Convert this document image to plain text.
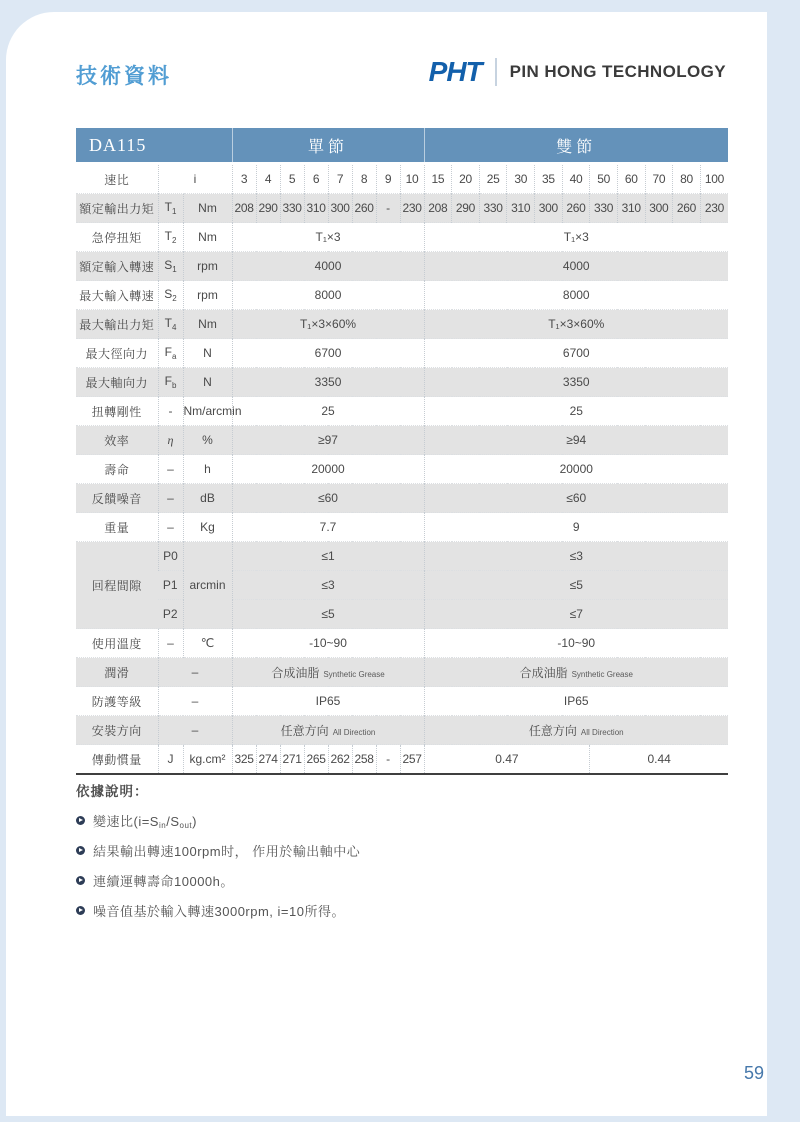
技術資料	PHT PIN HONG TECHNOLOGY
DA115			單節								雙節										
速比	i		3	4	5	6	7	8	9	10	15	20	25	30	35	40	50	60	70	80	100
額定輸出力矩	$T_1$	Nm	208	290	330	310	300	260	-	230	208	290	330	310	300	260	330	310	300	260	230
急停扭矩	$T_2$	Nm	T₁×3								T₁×3										
額定輸入轉速	$S_1$	rpm	4000								4000										
最大輸入轉速	$S_2$	rpm	8000								8000										
最大輸出力矩	$T_4$	Nm	T₁×3×60%								T₁×3×60%										
最大徑向力	$F_a$	N	6700								6700										
最大軸向力	$F_b$	N	3350								3350										
扭轉剛性	-	Nm/arcmin	25								25										
效率	η	%	≥97								≥94										
壽命	–	h	20000								20000										
反饋噪音	–	dB	≤60								≤60										
重量	–	Kg	7.7								9										
回程間隙	P0	arcmin	≤1								≤3										
	P1		≤3								≤5										
	P2		≤5								≤7										
使用溫度	–	℃	-10~90								-10~90										
潤滑	–		合成油脂 Synthetic Grease								合成油脂 Synthetic Grease										
防護等級	–		IP65								IP65										
安裝方向	–		任意方向 All Direction								任意方向 All Direction										
傳動慣量	J	kg.cm²	325	274	271	265	262	258	-	257	0.47						0.44				
依據說明：
變速比(i=Sin/Sout)
結果輸出轉速100rpm时， 作用於輸出軸中心
連續運轉壽命10000h。
噪音值基於輸入轉速3000rpm, i=10所得。
59
